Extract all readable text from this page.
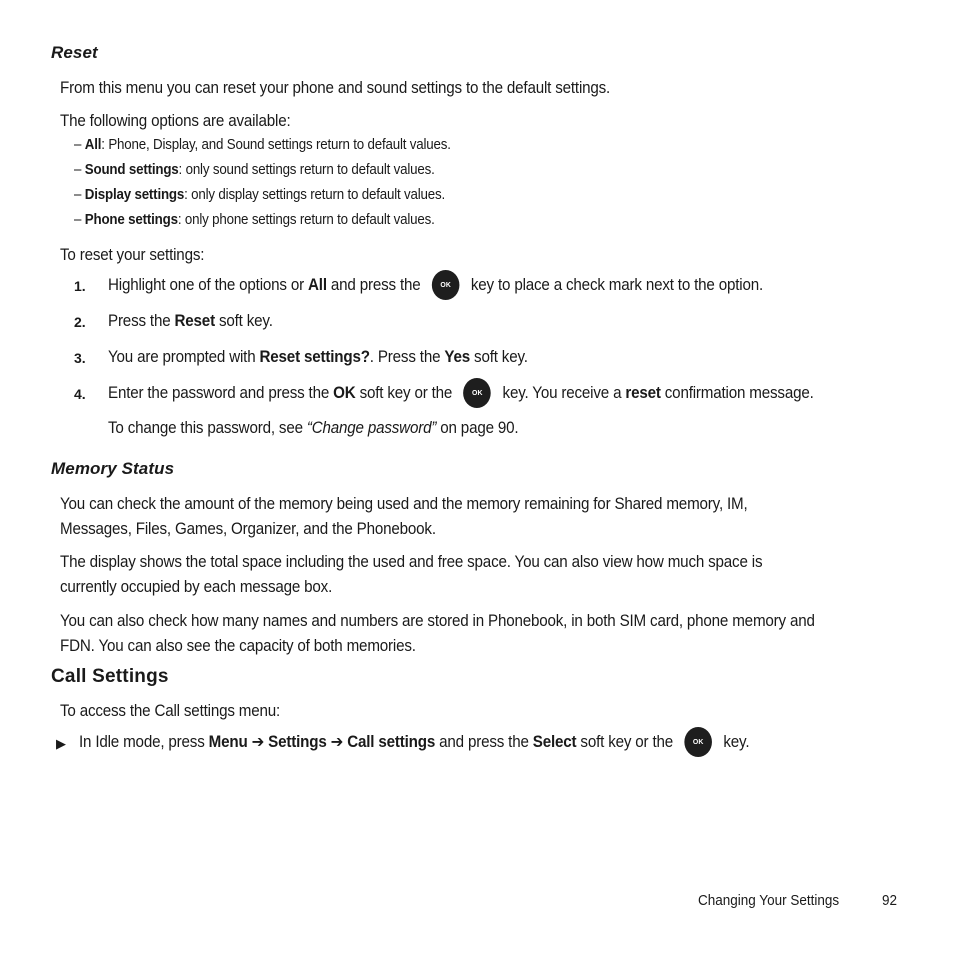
Reset
From this menu you can reset your phone and sound settings to the default settings.
The following options are available:
– All: Phone, Display, and Sound settings return to default values.
– Sound settings: only sound settings return to default values.
– Display settings: only display settings return to default values.
– Phone settings: only phone settings return to default values.
To reset your settings:
1. Highlight one of the options or All and press the OK key to place a check mark next to the option.
2. Press the Reset soft key.
3. You are prompted with Reset settings?. Press the Yes soft key.
4. Enter the password and press the OK soft key or the OK key. You receive a reset confirmation message.
To change this password, see “Change password” on page 90.
Memory Status
You can check the amount of the memory being used and the memory remaining for Shared memory, IM,
Messages, Files, Games, Organizer, and the Phonebook.
The display shows the total space including the used and free space. You can also view how much space is
currently occupied by each message box.
You can also check how many names and numbers are stored in Phonebook, in both SIM card, phone memory and
FDN. You can also see the capacity of both memories.
Call Settings
To access the Call settings menu:
▶ In Idle mode, press Menu ➔ Settings ➔ Call settings and press the Select soft key or the OK key.
Changing Your Settings	92
